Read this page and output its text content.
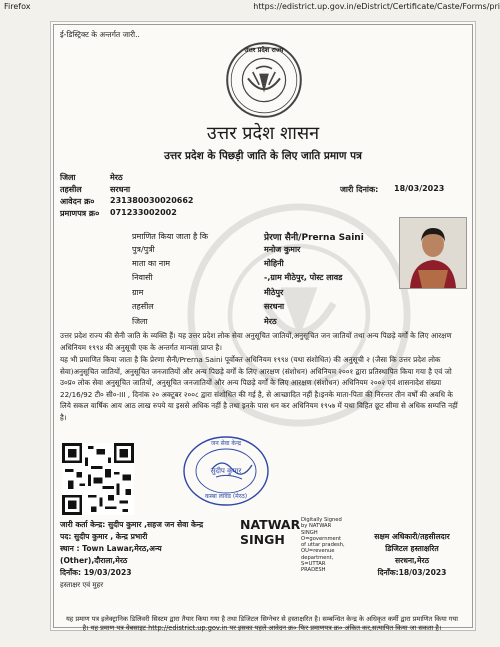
Firefox	https://edistrict.up.gov.in/eDistrict/Certificate/Caste/Forms/pri
ई-डिस्ट्रिक्ट के अन्तर्गत जारी..
उत्तर प्रदेश राज्य
उत्तर प्रदेश शासन
उत्तर प्रदेश के पिछड़ी जाति के लिए जाति प्रमाण पत्र
जिला	मेरठ
तहसील	सरधना	जारी दिनांक: 18/03/2023
आवेदन क्र० 231380030020662
प्रमाणपत्र क्र० 071233002002
प्रमाणित किया जाता है कि	प्रेरणा सैनी/Prerna Saini
पुत्र/पुत्री	मनोज कुमार
माता का नाम	मोहिनी
निवासी	-,ग्राम मीठेपुर, पोस्ट लावड
ग्राम	मीठेपुर
तहसील	सरधना
जिला	मेरठ
उत्तर प्रदेश राज्य की सैनी जाति के व्यक्ति हैं। यह उत्तर प्रदेश लोक सेवा अनुसूचित जातियों,अनुसूचित जन जातियों तथा अन्य पिछड़े वर्गों के लिए आरक्षण अधिनियम १९९४ की अनुसूची एक के अन्तर्गत मान्यता प्राप्त है।
यह भी प्रमाणित किया जाता है कि प्रेरणा सैनी/Prerna Saini पूर्वोक्त अधिनियम १९९४ (यथा संशोधित) की अनुसूची २ (जैसा कि उत्तर प्रदेश लोक सेवा)अनुसूचित जातियों, अनुसूचित जनजातियों और अन्य पिछड़े वर्गों के लिए आरक्षण (संशोधन) अधिनियम २००१ द्वारा प्रतिस्थापित किया गया है एवं जो उ०प्र० लोक सेवा अनुसूचित जातियों, अनुसूचित जनजातियों और अन्य पिछड़े वर्गों के लिए आरक्षण (संशोधन) अधिनियम २००२ एवं शासनादेश संख्या 22/16/92 टी० सी०-III , दिनांक २० अक्टूबर २००८ द्वारा संशोधित की गई है, से आच्छादित नहीं है।इनके माता-पिता की निरन्तर तीन वर्षों की अवधि के लिये सकल वार्षिक आय आठ लाख रुपये या इससे अधिक नहीं है तथा इनके पास धन कर अधिनियम १९५७ में यथा विहित छूट सीमा से अधिक सम्पत्ति नहीं है।
जन सेवा केन्द्र
सुदीप कुमार
कस्बा लावड (मेरठ)
जारी कर्ता केन्द्र: सुदीप कुमार ,सहज जन सेवा केन्द्र
पद: सुदीप कुमार , केन्द्र प्रभारी
स्थान : Town Lawar,मेरठ,अन्य
(Other),दौराला,मेरठ
दिनाँक: 19/03/2023
हस्ताक्षर एवं मुहर
NATWAR SINGH
Digitally Signed
by NATWAR
SINGH
O=government
of uttar pradesh,
OU=revenue
department,
S=UTTAR
PRADESH
सक्षम अधिकारी/तहसीलदार
डिजिटल हस्ताक्षरित
सरधना,मेरठ
दिनाँक:18/03/2023
यह प्रमाण पत्र इलेक्ट्रानिक डिलिवरी सिस्टम द्वारा तैयार किया गया है तथा डिजिटल सिग्नेचर से हस्ताक्षरित है। सम्बन्धित केन्द्र के अधिकृत कर्मी द्वारा प्रमाणित किया गया है। यह प्रमाण पत्र वेबसाइट http://edistrict.up.gov.in पर इसका पहले आवेदन क्र० फिर प्रमाणपत्र क्र० अंकित कर,सत्यापित किया जा सकता है।
